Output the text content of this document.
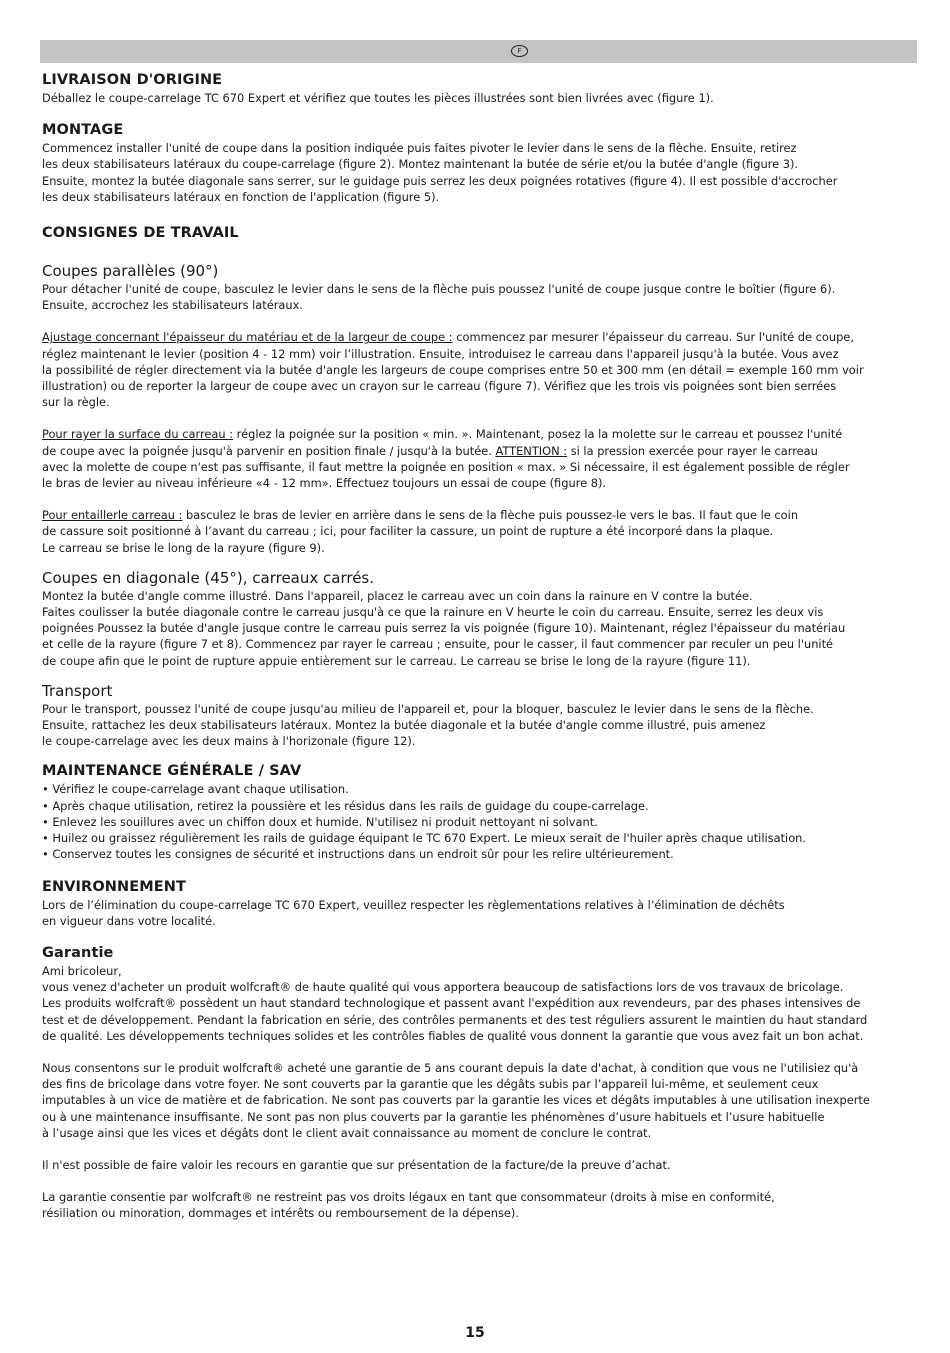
F
LIVRAISON D'ORIGINE

Déballez le coupe-carrelage TC 670 Expert et vérifiez que toutes les pièces illustrées sont bien livrées avec (figure 1).

MONTAGE

Commencez installer l'unité de coupe dans la position indiquée puis faites pivoter le levier dans le sens de la flèche. Ensuite, retirez

les deux stabilisateurs latéraux du coupe-carrelage (figure 2). Montez maintenant la butée de série et/ou la butée d'angle (figure 3).

Ensuite, montez la butée diagonale sans serrer, sur le guidage puis serrez les deux poignées rotatives (figure 4). Il est possible d'accrocher

les deux stabilisateurs latéraux en fonction de l'application (figure 5).

CONSIGNES DE TRAVAIL
Coupes parallèles (90°)

Pour détacher l'unité de coupe, basculez le levier dans le sens de la flèche puis poussez l'unité de coupe jusque contre le boîtier (figure 6).

Ensuite, accrochez les stabilisateurs latéraux.

Ajustage concernant l'épaisseur du matériau et de la largeur de coupe : commencez par mesurer l'épaisseur du carreau. Sur l'unité de coupe,

réglez maintenant le levier (position 4 - 12 mm) voir l’illustration. Ensuite, introduisez le carreau dans l'appareil jusqu'à la butée. Vous avez

la possibilité de régler directement via la butée d'angle les largeurs de coupe comprises entre 50 et 300 mm (en détail = exemple 160 mm voir

illustration) ou de reporter la largeur de coupe avec un crayon sur le carreau (figure 7). Vérifiez que les trois vis poignées sont bien serrées

sur la règle.

Pour rayer la surface du carreau : réglez la poignée sur la position « min. ». Maintenant, posez la la molette sur le carreau et poussez l'unité

de coupe avec la poignée jusqu'à parvenir en position finale / jusqu'à la butée. ATTENTION : si la pression exercée pour rayer le carreau

avec la molette de coupe n'est pas suffisante, il faut mettre la poignée en position « max. » Si nécessaire, il est également possible de régler

le bras de levier au niveau inférieure «4 - 12 mm». Effectuez toujours un essai de coupe (figure 8).

Pour entaillerle carreau : basculez le bras de levier en arrière dans le sens de la flèche puis poussez-le vers le bas. Il faut que le coin

de cassure soit positionné à l’avant du carreau ; ici, pour faciliter la cassure, un point de rupture a été incorporé dans la plaque.

Le carreau se brise le long de la rayure (figure 9).

Coupes en diagonale (45°), carreaux carrés.

Montez la butée d'angle comme illustré. Dans l'appareil, placez le carreau avec un coin dans la rainure en V contre la butée.

Faites coulisser la butée diagonale contre le carreau jusqu'à ce que la rainure en V heurte le coin du carreau. Ensuite, serrez les deux vis

poignées Poussez la butée d'angle jusque contre le carreau puis serrez la vis poignée (figure 10). Maintenant, réglez l'épaisseur du matériau

et celle de la rayure (figure 7 et 8). Commencez par rayer le carreau ; ensuite, pour le casser, il faut commencer par reculer un peu l'unité

de coupe afin que le point de rupture appuie entièrement sur le carreau. Le carreau se brise le long de la rayure (figure 11).

Transport

Pour le transport, poussez l'unité de coupe jusqu'au milieu de l'appareil et, pour la bloquer, basculez le levier dans le sens de la flèche.

Ensuite, rattachez les deux stabilisateurs latéraux. Montez la butée diagonale et la butée d'angle comme illustré, puis amenez

le coupe-carrelage avec les deux mains à l'horizonale (figure 12).

MAINTENANCE GÉNÉRALE / SAV
• Vérifiez le coupe-carrelage avant chaque utilisation.
• Après chaque utilisation, retirez la poussière et les résidus dans les rails de guidage du coupe-carrelage.
• Enlevez les souillures avec un chiffon doux et humide. N'utilisez ni produit nettoyant ni solvant.
• Huilez ou graissez régulièrement les rails de guidage équipant le TC 670 Expert. Le mieux serait de l'huiler après chaque utilisation.
• Conservez toutes les consignes de sécurité et instructions dans un endroit sûr pour les relire ultérieurement.
ENVIRONNEMENT

Lors de l’élimination du coupe-carrelage TC 670 Expert, veuillez respecter les règlementations relatives à l’élimination de déchêts

en vigueur dans votre localité.

Garantie

Ami bricoleur,

vous venez d'acheter un produit wolfcraft® de haute qualité qui vous apportera beaucoup de satisfactions lors de vos travaux de bricolage.

Les produits wolfcraft® possèdent un haut standard technologique et passent avant l'expédition aux revendeurs, par des phases intensives de

test et de développement. Pendant la fabrication en série, des contrôles permanents et des test réguliers assurent le maintien du haut standard

de qualité. Les développements techniques solides et les contrôles fiables de qualité vous donnent la garantie que vous avez fait un bon achat.

Nous consentons sur le produit wolfcraft® acheté une garantie de 5 ans courant depuis la date d'achat, à condition que vous ne l'utilisiez qu'à

des fins de bricolage dans votre foyer. Ne sont couverts par la garantie que les dégâts subis par l’appareil lui-même, et seulement ceux

imputables à un vice de matière et de fabrication. Ne sont pas couverts par la garantie les vices et dégâts imputables à une utilisation inexperte

ou à une maintenance insuffisante. Ne sont pas non plus couverts par la garantie les phénomènes d’usure habituels et l’usure habituelle

à l’usage ainsi que les vices et dégâts dont le client avait connaissance au moment de conclure le contrat.

Il n'est possible de faire valoir les recours en garantie que sur présentation de la facture/de la preuve d’achat.

La garantie consentie par wolfcraft® ne restreint pas vos droits légaux en tant que consommateur (droits à mise en conformité,

résiliation ou minoration, dommages et intérêts ou remboursement de la dépense).

15
